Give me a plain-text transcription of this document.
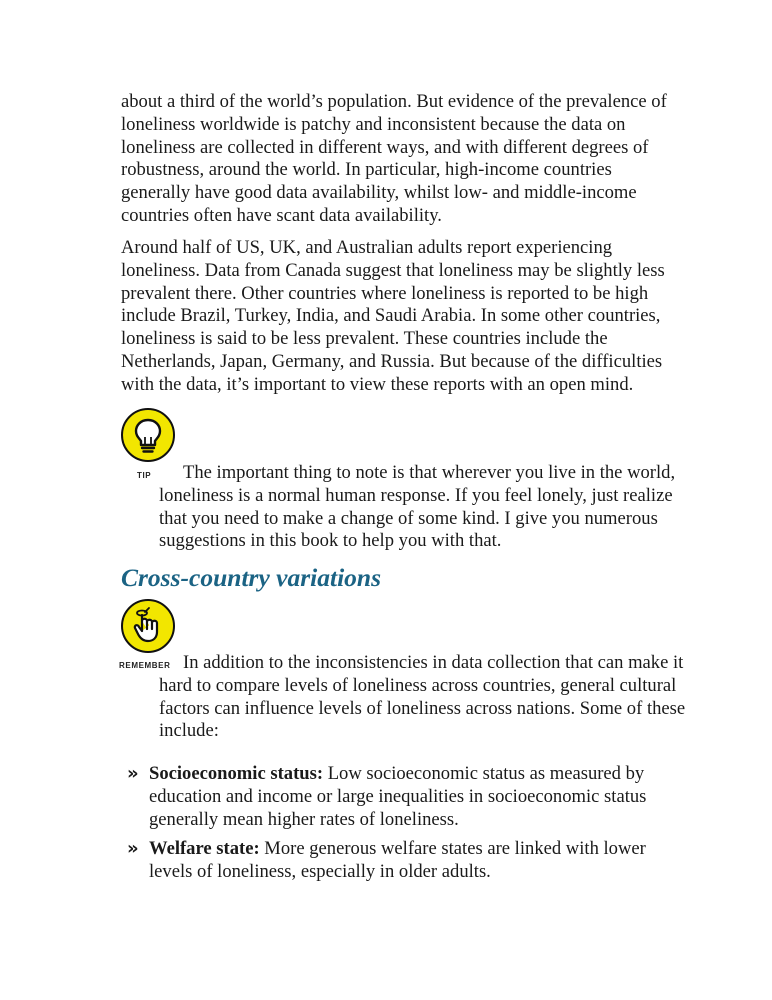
about a third of the world’s population. But evidence of the prevalence of loneliness worldwide is patchy and inconsistent because the data on loneliness are collected in different ways, and with different degrees of robustness, around the world. In particular, high-income countries generally have good data availability, whilst low- and middle-income countries often have scant data availability.

Around half of US, UK, and Australian adults report experiencing loneliness. Data from Canada suggest that loneliness may be slightly less prevalent there. Other countries where loneliness is reported to be high include Brazil, Turkey, India, and Saudi Arabia. In some other countries, loneliness is said to be less prevalent. These countries include the Netherlands, Japan, Germany, and Russia. But because of the difficulties with the data, it’s important to view these reports with an open mind.

TIP	The important thing to note is that wherever you live in the world, loneliness is a normal human response. If you feel lonely, just realize that you need to make a change of some kind. I give you numerous suggestions in this book to help you with that.

Cross-country variations
REMEMBER In addition to the inconsistencies in data collection that can make it hard to compare levels of loneliness across countries, general cultural factors can influence levels of loneliness across nations. Some of these include:

» Socioeconomic status: Low socioeconomic status as measured by education and income or large inequalities in socioeconomic status generally mean higher rates of loneliness.
» Welfare state: More generous welfare states are linked with lower levels of loneliness, especially in older adults.
